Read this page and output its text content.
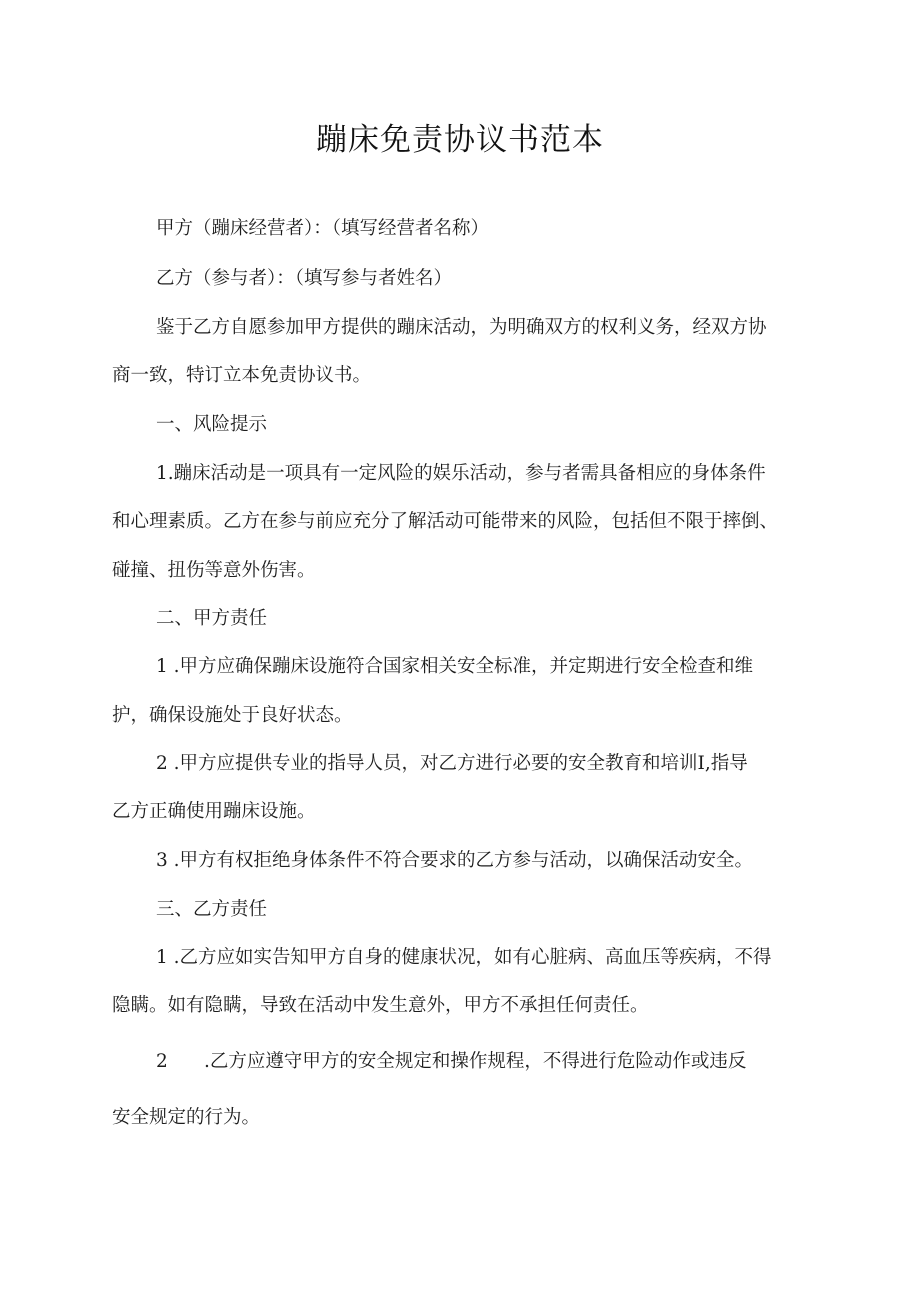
蹦床免责协议书范本
甲方（蹦床经营者）：（填写经营者名称）
乙方（参与者）：（填写参与者姓名）
鉴于乙方自愿参加甲方提供的蹦床活动，为明确双方的权利义务，经双方协
商一致，特订立本免责协议书。
一、风险提示
1.蹦床活动是一项具有一定风险的娱乐活动，参与者需具备相应的身体条件
和心理素质。乙方在参与前应充分了解活动可能带来的风险，包括但不限于摔倒、
碰撞、扭伤等意外伤害。
二、甲方责任
1 .甲方应确保蹦床设施符合国家相关安全标准，并定期进行安全检查和维
护，确保设施处于良好状态。
2 .甲方应提供专业的指导人员，对乙方进行必要的安全教育和培训I,指导
乙方正确使用蹦床设施。
3 .甲方有权拒绝身体条件不符合要求的乙方参与活动，以确保活动安全。
三、乙方责任
1 .乙方应如实告知甲方自身的健康状况，如有心脏病、高血压等疾病，不得
隐瞒。如有隐瞒，导致在活动中发生意外，甲方不承担任何责任。
2 .乙方应遵守甲方的安全规定和操作规程，不得进行危险动作或违反
安全规定的行为。
